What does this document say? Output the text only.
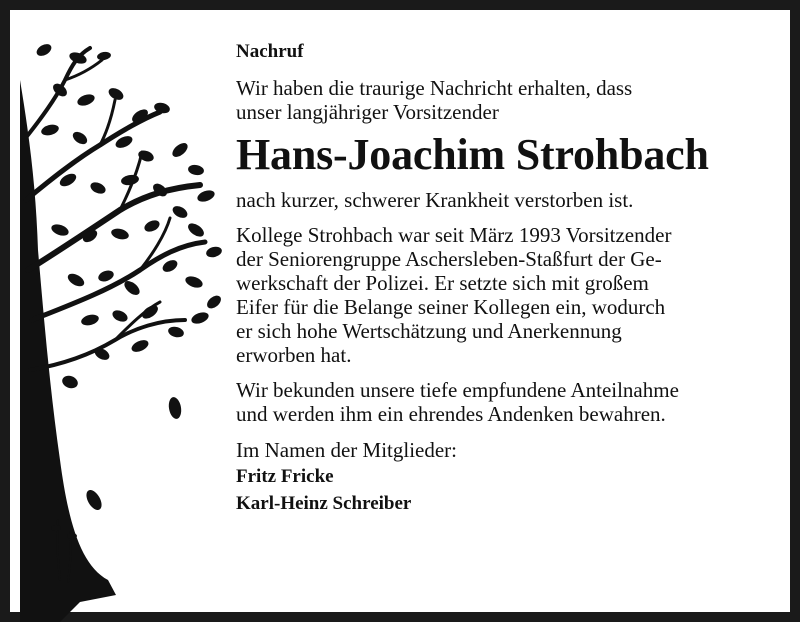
Nachruf
Wir haben die traurige Nachricht erhalten, dass
unser langjähriger Vorsitzender
Hans-Joachim Strohbach
nach kurzer, schwerer Krankheit verstorben ist.
Kollege Strohbach war seit März 1993 Vorsitzender
der Seniorengruppe Aschersleben-Staßfurt der Ge-
werkschaft der Polizei. Er setzte sich mit großem
Eifer für die Belange seiner Kollegen ein, wodurch
er sich hohe Wertschätzung und Anerkennung
erworben hat.
Wir bekunden unsere tiefe empfundene Anteilnahme
und werden ihm ein ehrendes Andenken bewahren.
Im Namen der Mitglieder:
Fritz Fricke
Karl-Heinz Schreiber
